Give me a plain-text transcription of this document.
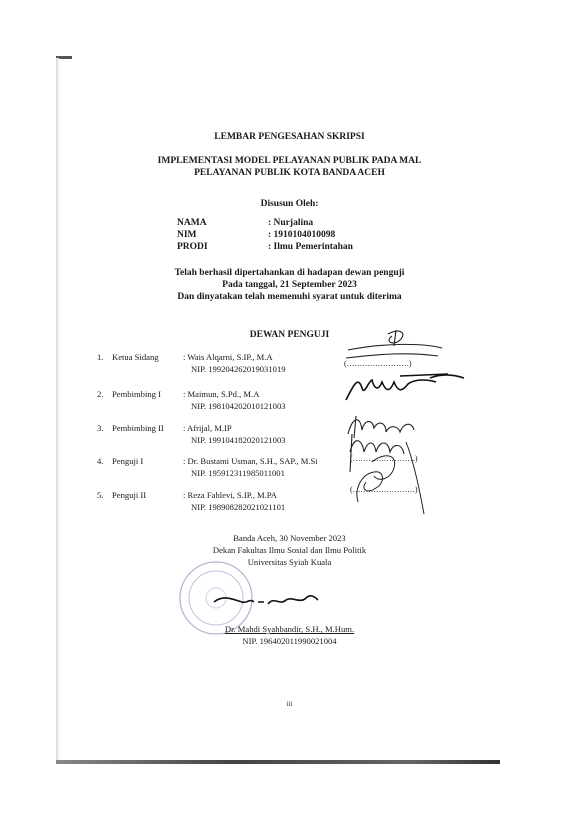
LEMBAR PENGESAHAN SKRIPSI
IMPLEMENTASI MODEL PELAYANAN PUBLIK PADA MAL
PELAYANAN PUBLIK KOTA BANDA ACEH
Disusun Oleh:
NAMA	: Nurjalina
NIM	: 1910104010098
PRODI	: Ilmu Pemerintahan
Telah berhasil dipertahankan di hadapan dewan penguji
Pada tanggal, 21 September 2023
Dan dinyatakan telah memenuhi syarat untuk diterima
DEWAN PENGUJI
1. Ketua Sidang	: Wais Alqarni, S.IP., M.A
NIP. 199204262019031019
(……………………)
2. Pembimbing I	: Maimun, S.Pd., M.A
NIP. 198104202010121003
3. Pembimbing II : Afrijal, M.IP
NIP. 199104182020121003
4. Penguji I	: Dr. Bustami Usman, S.H., SAP., M.Si
NIP. 195912311985011001
(……………………)
5. Penguji II	: Reza Fahlevi, S.IP., M.PA
NIP. 198908282021021101
(……………………)
Banda Aceh, 30 November 2023
Dekan Fakultas Ilmu Sosial dan Ilmu Politik
Universitas Syiah Kuala
Dr. Mahdi Syahbandir, S.H., M.Hum.
NIP. 196402011990021004
iii
